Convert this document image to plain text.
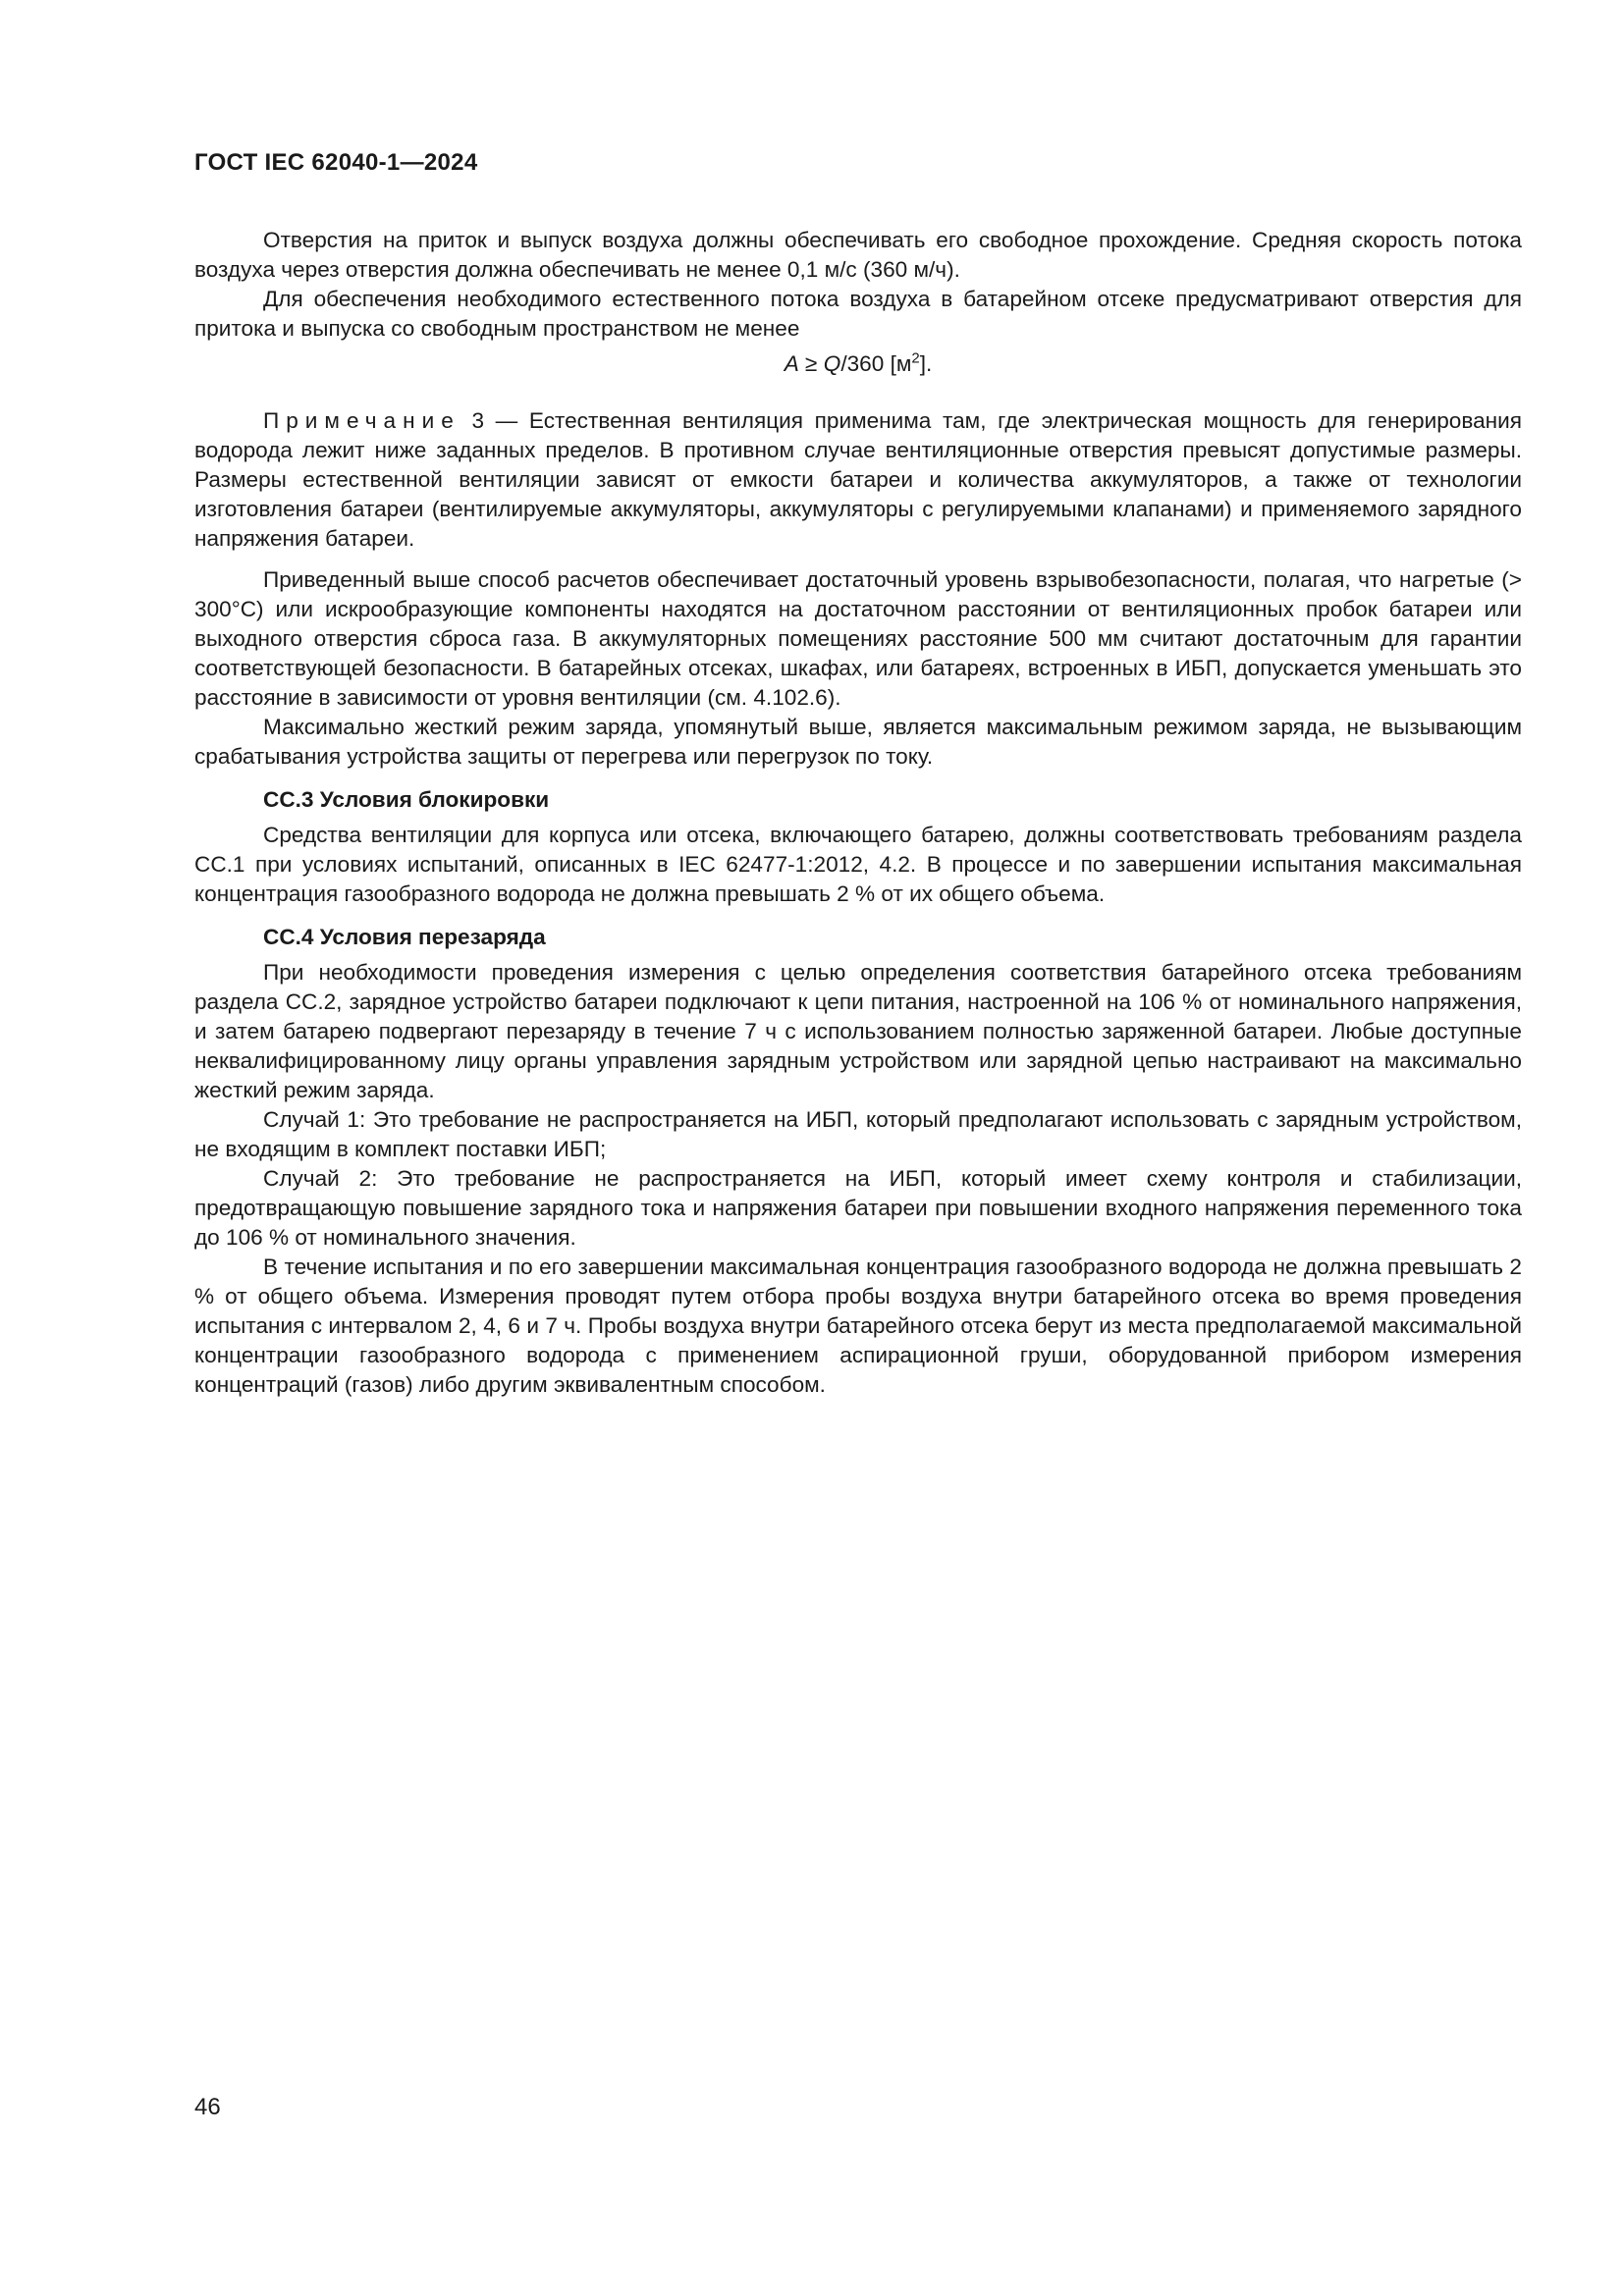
ГОСТ IEC 62040-1—2024

Отверстия на приток и выпуск воздуха должны обеспечивать его свободное прохождение. Средняя скорость потока воздуха через отверстия должна обеспечивать не менее 0,1 м/с (360 м/ч).

Для обеспечения необходимого естественного потока воздуха в батарейном отсеке предусматривают отверстия для притока и выпуска со свободным пространством не менее

A ≥ Q/360 $[м^2]$.

Примечание 3 — Естественная вентиляция применима там, где электрическая мощность для генерирования водорода лежит ниже заданных пределов. В противном случае вентиляционные отверстия превысят допустимые размеры. Размеры естественной вентиляции зависят от емкости батареи и количества аккумуляторов, а также от технологии изготовления батареи (вентилируемые аккумуляторы, аккумуляторы с регулируемыми клапанами) и применяемого зарядного напряжения батареи.

Приведенный выше способ расчетов обеспечивает достаточный уровень взрывобезопасности, полагая, что нагретые (> 300°С) или искрообразующие компоненты находятся на достаточном расстоянии от вентиляционных пробок батареи или выходного отверстия сброса газа. В аккумуляторных помещениях расстояние 500 мм считают достаточным для гарантии соответствующей безопасности. В батарейных отсеках, шкафах, или батареях, встроенных в ИБП, допускается уменьшать это расстояние в зависимости от уровня вентиляции (см. 4.102.6).

Максимально жесткий режим заряда, упомянутый выше, является максимальным режимом заряда, не вызывающим срабатывания устройства защиты от перегрева или перегрузок по току.

СС.3 Условия блокировки

Средства вентиляции для корпуса или отсека, включающего батарею, должны соответствовать требованиям раздела СС.1 при условиях испытаний, описанных в IEC 62477-1:2012, 4.2. В процессе и по завершении испытания максимальная концентрация газообразного водорода не должна превышать 2 % от их общего объема.

СС.4 Условия перезаряда

При необходимости проведения измерения с целью определения соответствия батарейного отсека требованиям раздела СС.2, зарядное устройство батареи подключают к цепи питания, настроенной на 106 % от номинального напряжения, и затем батарею подвергают перезаряду в течение 7 ч с использованием полностью заряженной батареи. Любые доступные неквалифицированному лицу органы управления зарядным устройством или зарядной цепью настраивают на максимально жесткий режим заряда.

Случай 1: Это требование не распространяется на ИБП, который предполагают использовать с зарядным устройством, не входящим в комплект поставки ИБП;

Случай 2: Это требование не распространяется на ИБП, который имеет схему контроля и стабилизации, предотвращающую повышение зарядного тока и напряжения батареи при повышении входного напряжения переменного тока до 106 % от номинального значения.

В течение испытания и по его завершении максимальная концентрация газообразного водорода не должна превышать 2 % от общего объема. Измерения проводят путем отбора пробы воздуха внутри батарейного отсека во время проведения испытания с интервалом 2, 4, 6 и 7 ч. Пробы воздуха внутри батарейного отсека берут из места предполагаемой максимальной концентрации газообразного водорода с применением аспирационной груши, оборудованной прибором измерения концентраций (газов) либо другим эквивалентным способом.

46
